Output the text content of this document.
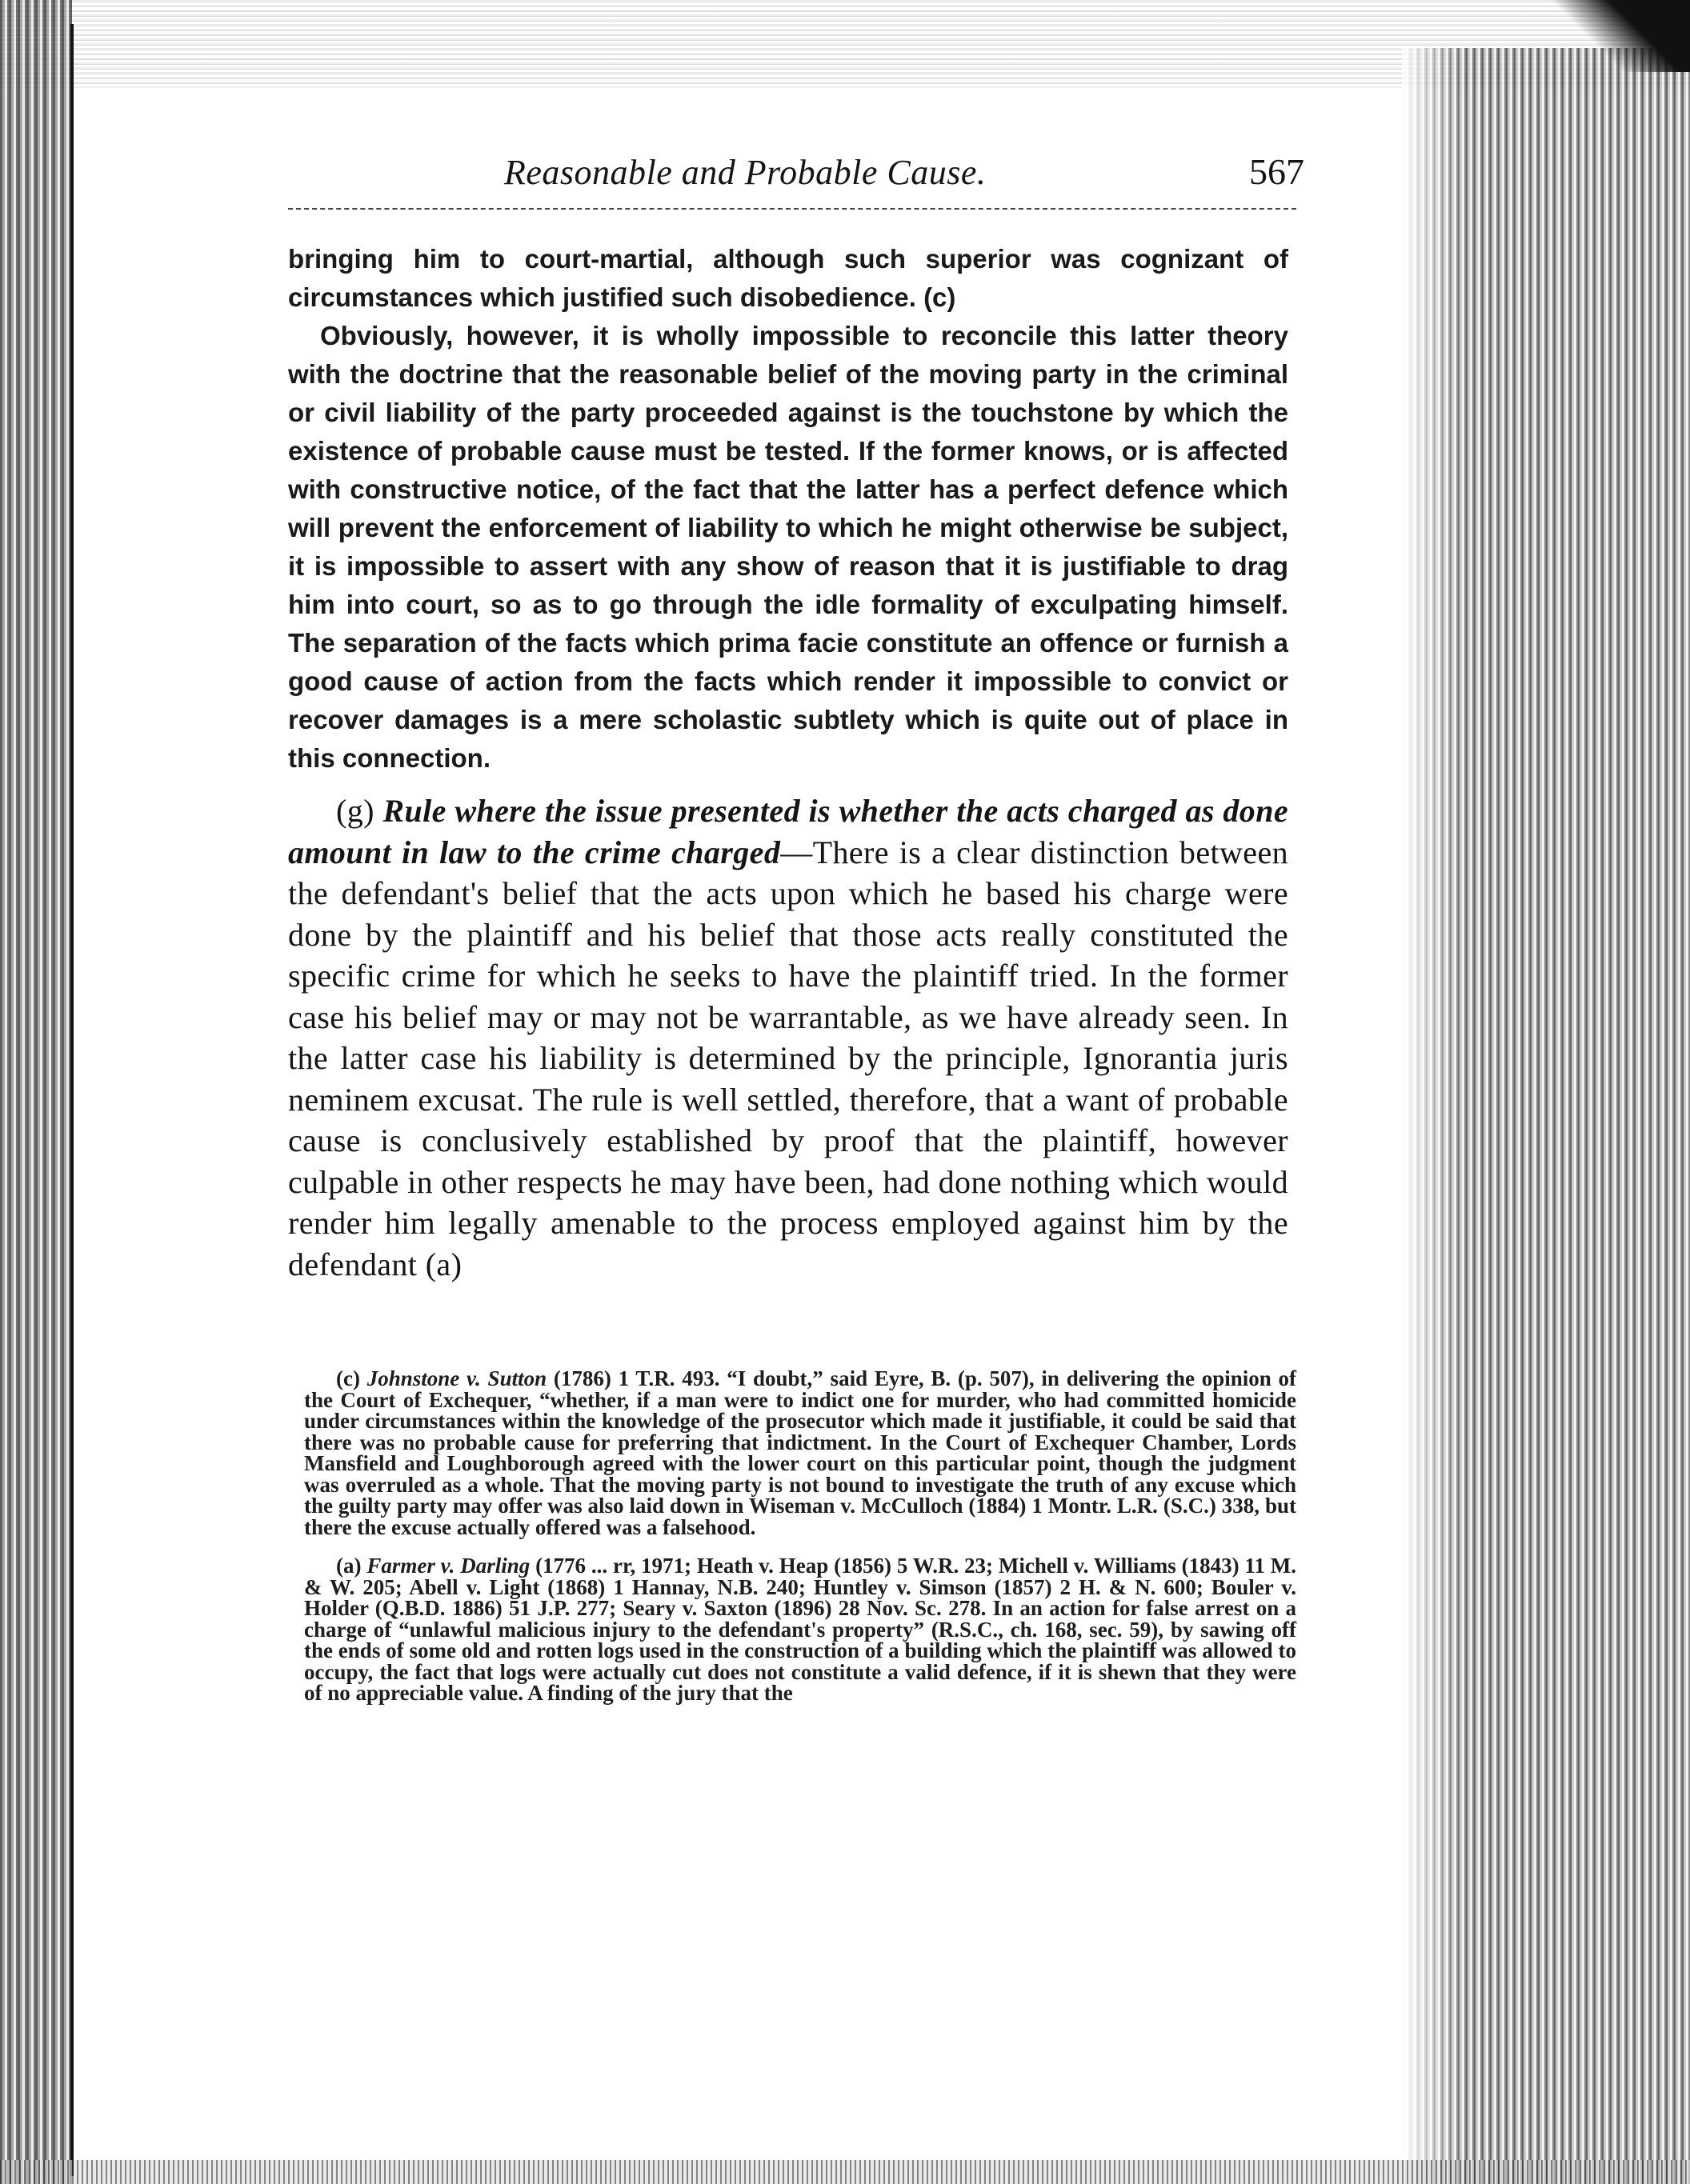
Reasonable and Probable Cause.	567

bringing him to court-martial, although such superior was cognizant of circumstances which justified such disobedience. (c)

Obviously, however, it is wholly impossible to reconcile this latter theory with the doctrine that the reasonable belief of the moving party in the criminal or civil liability of the party proceeded against is the touchstone by which the existence of probable cause must be tested. If the former knows, or is affected with constructive notice, of the fact that the latter has a perfect defence which will prevent the enforcement of liability to which he might otherwise be subject, it is impossible to assert with any show of reason that it is justifiable to drag him into court, so as to go through the idle formality of exculpating himself. The separation of the facts which prima facie constitute an offence or furnish a good cause of action from the facts which render it impossible to convict or recover damages is a mere scholastic subtlety which is quite out of place in this connection.

(g) Rule where the issue presented is whether the acts charged as done amount in law to the crime charged—There is a clear distinction between the defendant's belief that the acts upon which he based his charge were done by the plaintiff and his belief that those acts really constituted the specific crime for which he seeks to have the plaintiff tried. In the former case his belief may or may not be warrantable, as we have already seen. In the latter case his liability is determined by the principle, Ignorantia juris neminem excusat. The rule is well settled, therefore, that a want of probable cause is conclusively established by proof that the plaintiff, however culpable in other respects he may have been, had done nothing which would render him legally amenable to the process employed against him by the defendant (a)

(c) Johnstone v. Sutton (1786) 1 T.R. 493. “I doubt,” said Eyre, B. (p. 507), in delivering the opinion of the Court of Exchequer, “whether, if a man were to indict one for murder, who had committed homicide under circumstances within the knowledge of the prosecutor which made it justifiable, it could be said that there was no probable cause for preferring that indictment. In the Court of Exchequer Chamber, Lords Mansfield and Loughborough agreed with the lower court on this particular point, though the judgment was overruled as a whole. That the moving party is not bound to investigate the truth of any excuse which the guilty party may offer was also laid down in Wiseman v. McCulloch (1884) 1 Montr. L.R. (S.C.) 338, but there the excuse actually offered was a falsehood.

(a) Farmer v. Darling (1776 ... rr, 1971; Heath v. Heap (1856) 5 W.R. 23; Michell v. Williams (1843) 11 M. & W. 205; Abell v. Light (1868) 1 Hannay, N.B. 240; Huntley v. Simson (1857) 2 H. & N. 600; Bouler v. Holder (Q.B.D. 1886) 51 J.P. 277; Seary v. Saxton (1896) 28 Nov. Sc. 278. In an action for false arrest on a charge of “unlawful malicious injury to the defendant's property” (R.S.C., ch. 168, sec. 59), by sawing off the ends of some old and rotten logs used in the construction of a building which the plaintiff was allowed to occupy, the fact that logs were actually cut does not constitute a valid defence, if it is shewn that they were of no appreciable value. A finding of the jury that the
